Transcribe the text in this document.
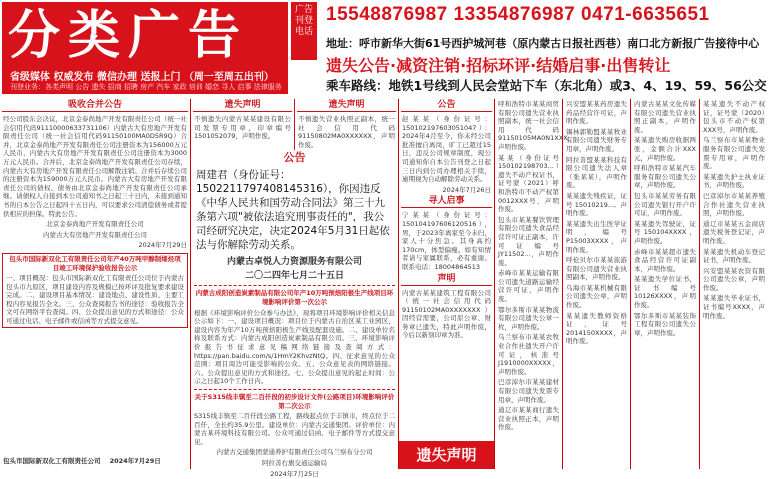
分类广告
省级媒体 权威发布 微信办理 送报上门 （周一至周五出刊）
刊登业务：各类声明 公告 遗失 招商 招聘 房产 汽车 家政 培训 婚恋 寻人 启事 法律服务
广告刊登电话
15548876987 13354876987 0471-6635651
地址：呼市新华大街61号西护城河巷（原内蒙古日报社西巷）南口北方新报广告接待中心
遗失公告·减资注销·招标环评·结婚启事·出售转让
乘车路线：地铁1号线到人民会堂站下车（东北角）或3、4、19、59、56公交
吸收合并公告
经公司股东会决议，北京金泰尚地产开发有限责任公司（统一社会信用代码91110000633731106）内蒙古大有房地产开发有限责任公司（统一社会信用代码91150100MA0D5R9Q）合并，北京金泰尚地产开发有限责任公司注册资本为156000万元人民币，内蒙古大有房地产开发有限责任公司注册资本为3000万元人民币。合并后，北京金泰尚地产开发有限责任公司存续，内蒙古大有房地产开发有限责任公司解散注销。合并后存续公司的注册资本为159000万元人民币。内蒙古大有房地产开发有限责任公司的债权、债务由北京金泰尚地产开发有限责任公司承继。请债权人自接到本公司通知书之日起三十日内，未接到通知书的自本公告之日起四十五日内，可以要求公司清偿债务或者提供相应的担保。特此公告。
北京金泰尚地产开发有限责任公司
内蒙古大有房地产开发有限责任公司
2024年7月29日
包头市国际新双化工有限责任公司年产40万吨甲醇制烯烃项目竣工环境保护验收报告公示
一、项目概况：包头市国际新双化工有限责任公司位于内蒙古包头市九原区，项目建设内容及规模已按环评及批复要求建设完成。二、建设项目基本情况：建设地点、建设性质、主要工程内容见报告全文。三、公众查阅报告书的途径：验收报告全文可在网络平台查阅。四、公众提出意见的方式和途径：公众可通过电话、电子邮件或信函等方式提交意见。
包头市国际新双化工有限责任公司 2024年7月29日
遗失声明
不慎遗失内蒙古某某建设有限公司发票专用章，印章编号1501052079，声明作废。
遗失声明
不慎遗失营业执照正副本，统一社会信用代码91150802MA0XXXXXX，声明作废。
公告
周建君（身份证号：15022117974081453​16），你因违反《中华人民共和国劳动合同法》第三十九条第六项"被依法追究刑事责任的"，我公司经研究决定，决定2024年5月31日起依法与你解除劳动关系。
内蒙古卓悦人力资源服务有限公司
二〇二四年七月二十五日
内蒙古成阳创造炭素制品有限公司年产10万吨预焙阳极生产线项目环境影响评价第一次公示
根据《环境影响评价公众参与办法》，现将项目环境影响评价相关信息公示如下：一、建设项目概况：项目位于内蒙古自治区某工业园区，建设内容为年产10万吨预焙阳极生产线及配套设施。二、建设单位名称及联系方式：内蒙古成阳创造炭素制品有限公司。三、环境影响评价报告书征求意见稿网络链接及查阅方式：https://pan.baidu.com/s/1HmY2KhvzNtQ。四、征求意见的公众范围：项目周边可能受影响的公众。五、公众意见表的网络链接。六、公众提出意见的方式和途径。七、公众提出意见的起止时间：公示之日起10个工作日内。
关于S315线丰镇至二百仟段的初步设计文件(公路项目)环境影响评价第二次公示
S315线丰镇至二百仟段公路工程，路线起点位于丰镇市，终点位于二百仟，全长约35.9公里。建设单位：内蒙古交通集团。评价单位：内蒙古某环境科技有限公司。公众可通过信函、电子邮件等方式提交意见。
内蒙古交通集团蒙通养护有限责任公司乌兰察布分公司
阿拉善右旗交通运输局
2024年7月25日
公告
赵某某（身份证号：150102197603051047）：2024年4月至今，你未经公司批准擅自离岗，旷工已超过15日，违反公司规章制度，现公司通知你自本公告刊登之日起三日内到公司办理相关手续，逾期视为自动解除劳动关系。
2024年7月26日
寻人启事
宁某某（身份证号：150104197606120516），男，于2023年离家至今未归，家人十分焦急。其身高约170cm，体型偏瘦。如有知情者请与家属联系，必有重谢。联系电话：18004864513
声明
内蒙古某某建筑工程有限公司（统一社会信用代码91150102MA0XXXXXXX）因经营需要，公司原公章、财务章已遗失，特此声明作废，今后以新刻印章为准。
遗失声明
呼和浩特市某某商贸有限公司遗失营业执照副本，统一社会信用代码91150105MA0N1XXX，声明作废。
某某（身份证号150102198703...）遗失不动产权证书，证号蒙（2021）呼和浩特市不动产权第0012XXX号，声明作废。
包头市某某餐饮管理有限公司遗失食品经营许可证正副本，许可证编号JY11502...，声明作废。
赤峰市某某运输有限公司遗失道路运输经营许可证，声明作废。
鄂尔多斯市某某物流有限公司遗失公章一枚，声明作废。
乌兰察布市某某农牧业合作社遗失开户许可证，核准号J1910000XXXXX，声明作废。
巴彦淖尔市某某建材有限公司遗失发票专用章，声明作废。
通辽市某某商行遗失营业执照正本，声明作废。
兴安盟某某药房遗失药品经营许可证，声明作废。
锡林郭勒盟某某牧业有限公司遗失财务专用章，声明作废。
阿拉善盟某某科技有限公司遗失法人章（张某某），声明作废。
某某遗失残疾证，证号15010219..., 声明作废。
某某遗失出生医学证明，编号P15003XXXX，声明作废。
呼伦贝尔市某某旅游有限公司遗失营业执照副本，声明作废。
乌海市某某机械有限公司遗失公章，声明作废。
某某遗失教师资格证，证号2014150XXXX，声明作废。
内蒙古某某文化传媒有限公司遗失营业执照正副本，声明作废。
某某遗失购房收据两张，金额合计XXX元，声明作废。
呼和浩特市某某汽车服务有限公司遗失公章，声明作废。
包头市某某劳务有限公司遗失银行开户许可证，声明作废。
某某遗失驾驶证，证号150104XXXX，声明作废。
赤峰市某某超市遗失食品经营许可证副本，声明作废。
某某遗失学位证书，证书编号10126XXXX，声明作废。
鄂尔多斯市某某装饰工程有限公司遗失公章，声明作废。
某某遗失不动产权证，证号蒙（2020）包头市不动产权第XXX号，声明作废。
乌兰察布市某某物业服务有限公司遗失发票专用章，声明作废。
某某遗失护士执业证书，声明作废。
巴彦淖尔市某某养殖合作社遗失营业执照，声明作废。
通辽市某某五金商店遗失税务登记证，声明作废。
某某遗失机动车登记证书，声明作废。
兴安盟某某农资有限公司遗失公章，声明作废。
某某遗失毕业证书，证书编号XXXX，声明作废。
